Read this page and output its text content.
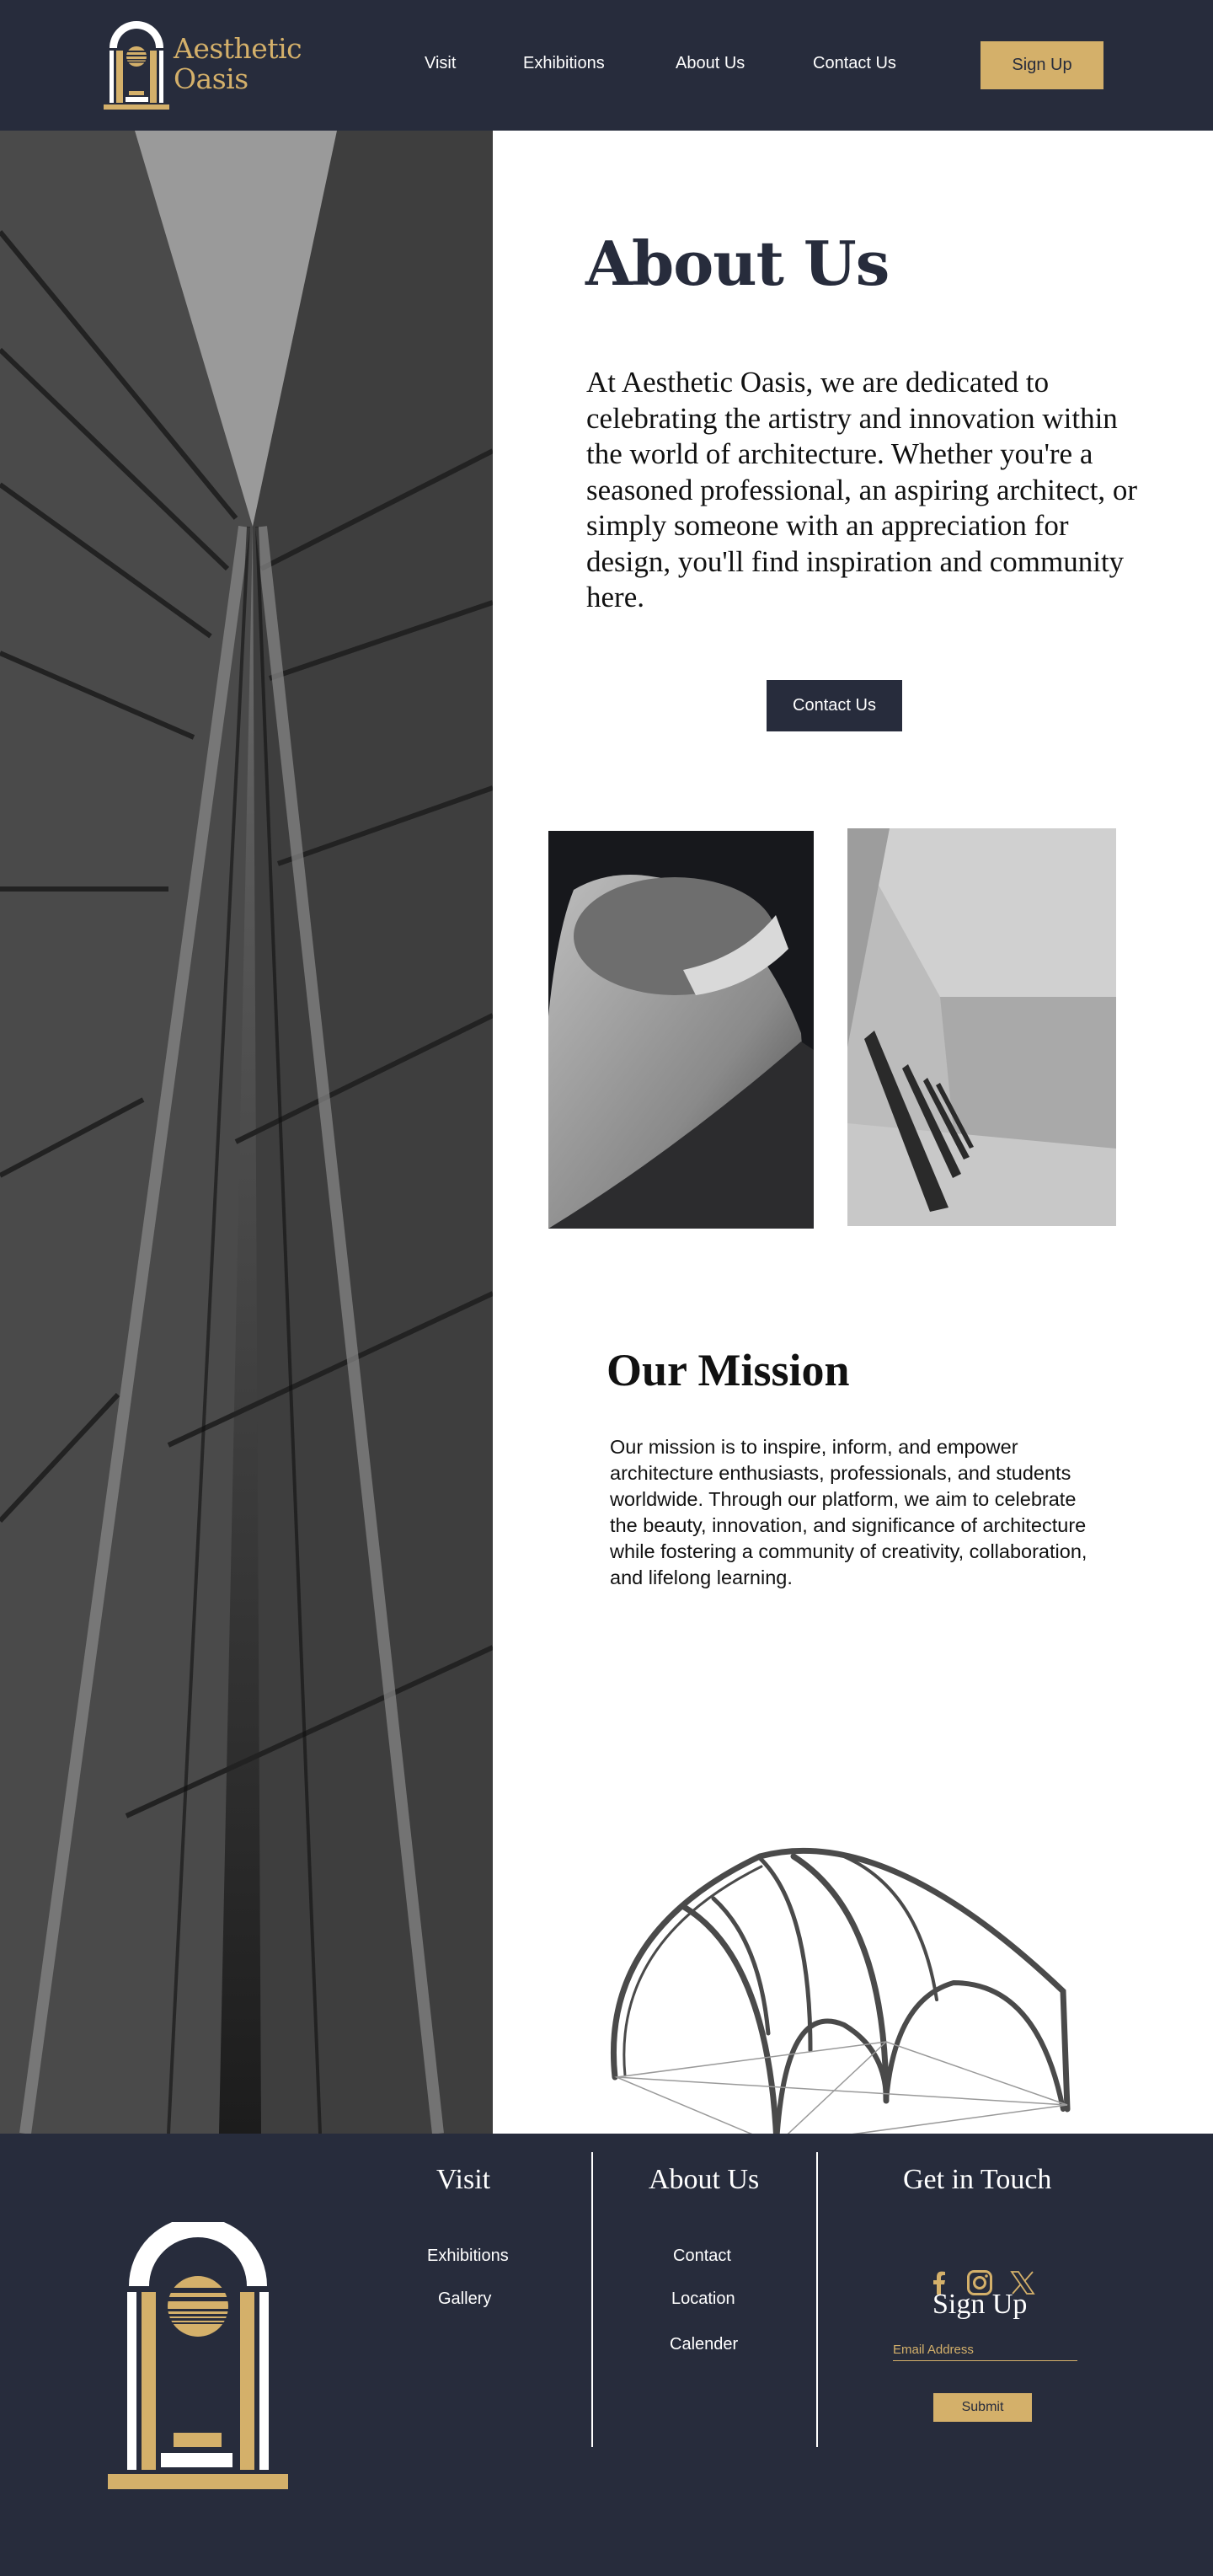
Aesthetic
Oasis	Visit	Exhibitions	About Us	Contact Us	Sign Up
About Us

At Aesthetic Oasis, we are dedicated to celebrating the artistry and innovation within the world of architecture. Whether you're a seasoned professional, an aspiring architect, or simply someone with an appreciation for design, you'll find inspiration and community here.

Contact Us
Our Mission

Our mission is to inspire, inform, and empower architecture enthusiasts, professionals, and students worldwide. Through our platform, we aim to celebrate the beauty, innovation, and significance of architecture while fostering a community of creativity, collaboration, and lifelong learning.

Visit
Exhibitions
Gallery
About Us
Contact
Location
Calender
Get in Touch
Sign Up
Email Address
Submit
